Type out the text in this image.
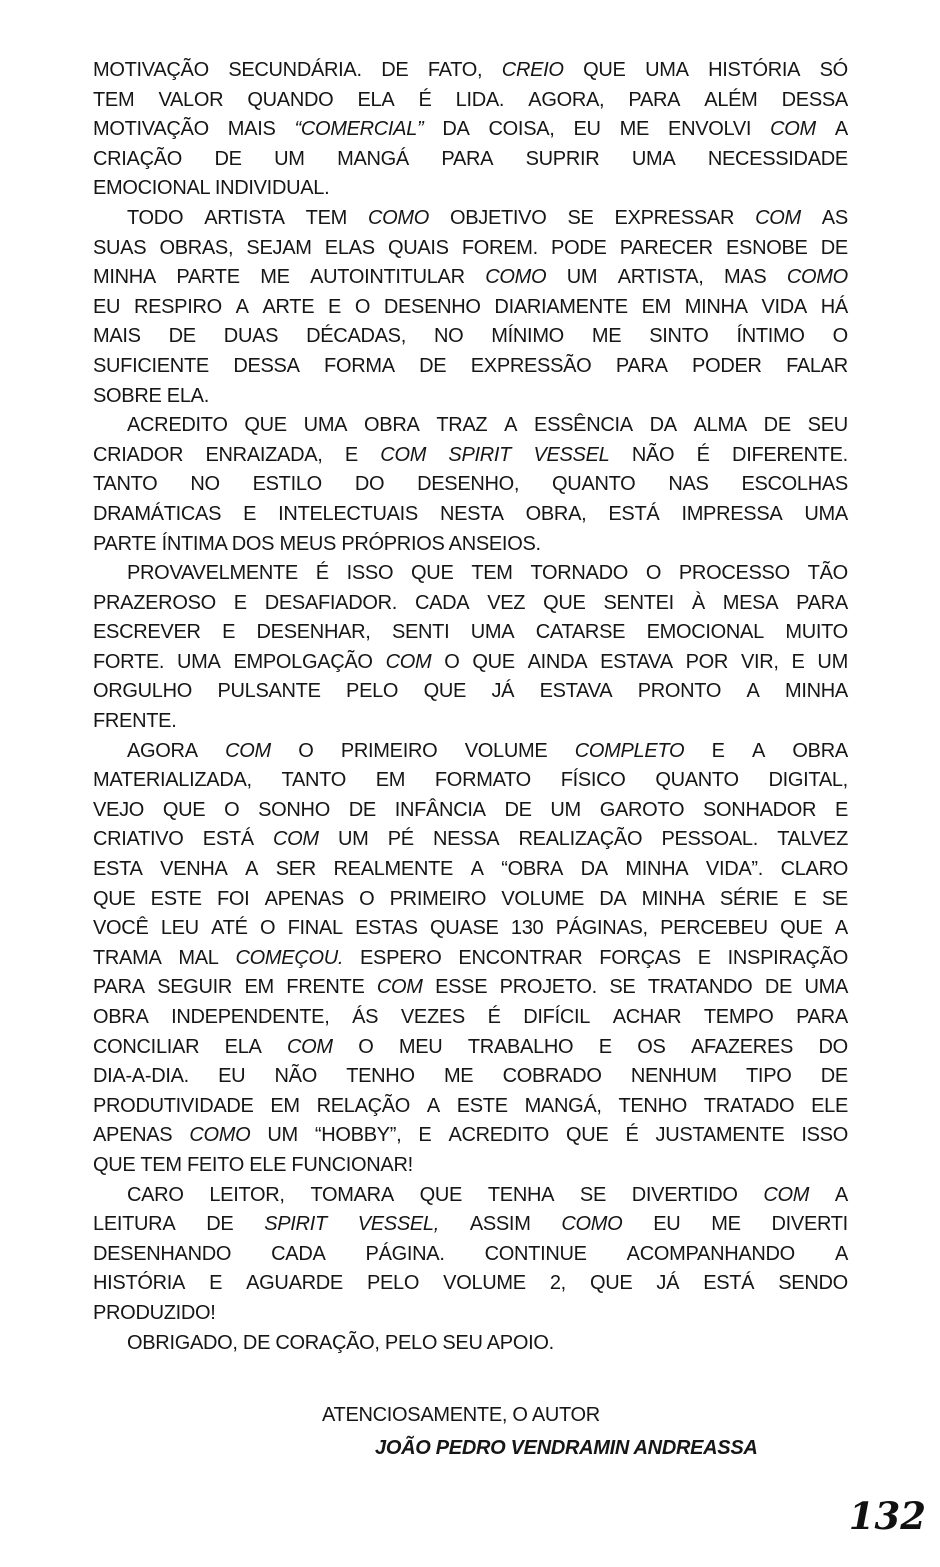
MOTIVAÇÃO SECUNDÁRIA. DE FATO, CREIO QUE UMA HISTÓRIA SÓ
TEM VALOR QUANDO ELA É LIDA. AGORA, PARA ALÉM DESSA
MOTIVAÇÃO MAIS “COMERCIAL” DA COISA, EU ME ENVOLVI COM A
CRIAÇÃO DE UM MANGÁ PARA SUPRIR UMA NECESSIDADE
EMOCIONAL INDIVIDUAL.
TODO ARTISTA TEM COMO OBJETIVO SE EXPRESSAR COM AS
SUAS OBRAS, SEJAM ELAS QUAIS FOREM. PODE PARECER ESNOBE DE
MINHA PARTE ME AUTOINTITULAR COMO UM ARTISTA, MAS COMO
EU RESPIRO A ARTE E O DESENHO DIARIAMENTE EM MINHA VIDA HÁ
MAIS DE DUAS DÉCADAS, NO MÍNIMO ME SINTO ÍNTIMO O
SUFICIENTE DESSA FORMA DE EXPRESSÃO PARA PODER FALAR
SOBRE ELA.
ACREDITO QUE UMA OBRA TRAZ A ESSÊNCIA DA ALMA DE SEU
CRIADOR ENRAIZADA, E COM SPIRIT VESSEL NÃO É DIFERENTE.
TANTO NO ESTILO DO DESENHO, QUANTO NAS ESCOLHAS
DRAMÁTICAS E INTELECTUAIS NESTA OBRA, ESTÁ IMPRESSA UMA
PARTE ÍNTIMA DOS MEUS PRÓPRIOS ANSEIOS.
PROVAVELMENTE É ISSO QUE TEM TORNADO O PROCESSO TÃO
PRAZEROSO E DESAFIADOR. CADA VEZ QUE SENTEI À MESA PARA
ESCREVER E DESENHAR, SENTI UMA CATARSE EMOCIONAL MUITO
FORTE. UMA EMPOLGAÇÃO COM O QUE AINDA ESTAVA POR VIR, E UM
ORGULHO PULSANTE PELO QUE JÁ ESTAVA PRONTO A MINHA
FRENTE.
AGORA COM O PRIMEIRO VOLUME COMPLETO E A OBRA
MATERIALIZADA, TANTO EM FORMATO FÍSICO QUANTO DIGITAL,
VEJO QUE O SONHO DE INFÂNCIA DE UM GAROTO SONHADOR E
CRIATIVO ESTÁ COM UM PÉ NESSA REALIZAÇÃO PESSOAL. TALVEZ
ESTA VENHA A SER REALMENTE A “OBRA DA MINHA VIDA”. CLARO
QUE ESTE FOI APENAS O PRIMEIRO VOLUME DA MINHA SÉRIE E SE
VOCÊ LEU ATÉ O FINAL ESTAS QUASE 130 PÁGINAS, PERCEBEU QUE A
TRAMA MAL COMEÇOU. ESPERO ENCONTRAR FORÇAS E INSPIRAÇÃO
PARA SEGUIR EM FRENTE COM ESSE PROJETO. SE TRATANDO DE UMA
OBRA INDEPENDENTE, ÁS VEZES É DIFÍCIL ACHAR TEMPO PARA
CONCILIAR ELA COM O MEU TRABALHO E OS AFAZERES DO
DIA-A-DIA. EU NÃO TENHO ME COBRADO NENHUM TIPO DE
PRODUTIVIDADE EM RELAÇÃO A ESTE MANGÁ, TENHO TRATADO ELE
APENAS COMO UM “HOBBY”, E ACREDITO QUE É JUSTAMENTE ISSO
QUE TEM FEITO ELE FUNCIONAR!
CARO LEITOR, TOMARA QUE TENHA SE DIVERTIDO COM A
LEITURA DE SPIRIT VESSEL, ASSIM COMO EU ME DIVERTI
DESENHANDO CADA PÁGINA. CONTINUE ACOMPANHANDO A
HISTÓRIA E AGUARDE PELO VOLUME 2, QUE JÁ ESTÁ SENDO
PRODUZIDO!
OBRIGADO, DE CORAÇÃO, PELO SEU APOIO.
ATENCIOSAMENTE, O AUTOR
JOÃO PEDRO VENDRAMIN ANDREASSA
132
